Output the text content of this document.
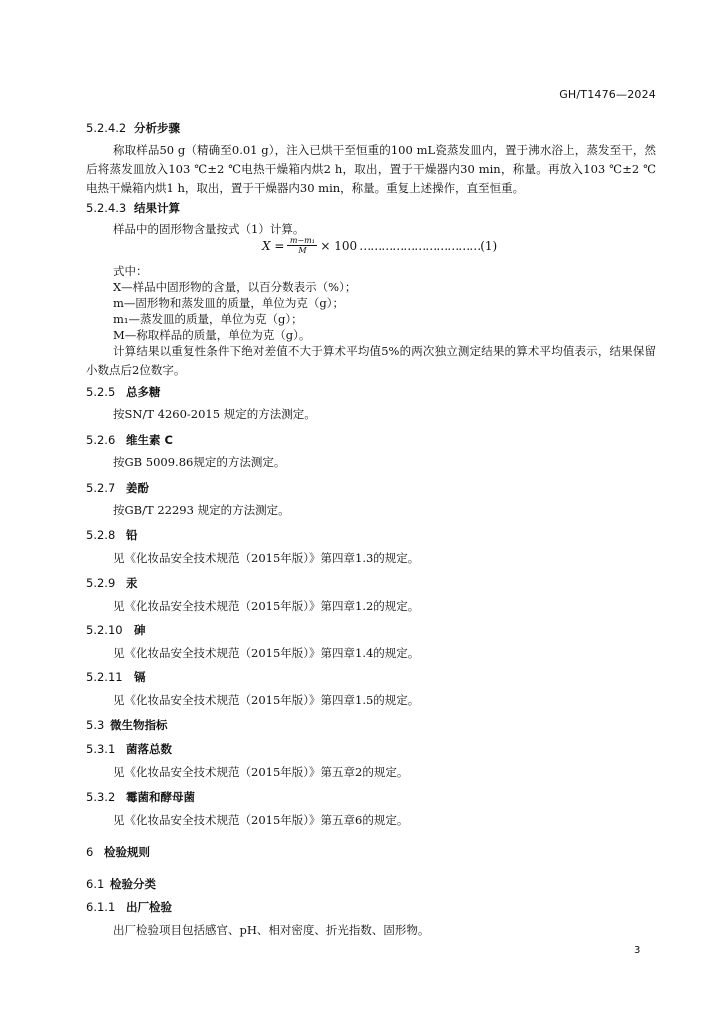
GH/T1476—2024
5.2.4.2 分析步骤
称取样品50 g（精确至0.01 g），注入已烘干至恒重的100 mL瓷蒸发皿内，置于沸水浴上，蒸发至干，然后将蒸发皿放入103 ℃±2 ℃电热干燥箱内烘2 h，取出，置于干燥器内30 min，称量。再放入103 ℃±2 ℃电热干燥箱内烘1 h，取出，置于干燥器内30 min，称量。重复上述操作，直至恒重。
5.2.4.3 结果计算
样品中的固形物含量按式（1）计算。
$X = \frac{\text{m−m₁}}{M} \times 100$ …………………………… (1)
式中：
X—样品中固形物的含量，以百分数表示（%）；
m—固形物和蒸发皿的质量，单位为克（g）；
m₁—蒸发皿的质量，单位为克（g）；
M—称取样品的质量，单位为克（g）。
计算结果以重复性条件下绝对差值不大于算术平均值5%的两次独立测定结果的算术平均值表示，结果保留小数点后2位数字。
5.2.5 总多糖
按SN/T 4260-2015 规定的方法测定。
5.2.6 维生素 C
按GB 5009.86规定的方法测定。
5.2.7 姜酚
按GB/T 22293 规定的方法测定。
5.2.8 铅
见《化妆品安全技术规范（2015年版）》第四章1.3的规定。
5.2.9 汞
见《化妆品安全技术规范（2015年版）》第四章1.2的规定。
5.2.10 砷
见《化妆品安全技术规范（2015年版）》第四章1.4的规定。
5.2.11 镉
见《化妆品安全技术规范（2015年版）》第四章1.5的规定。
5.3 微生物指标
5.3.1 菌落总数
见《化妆品安全技术规范（2015年版）》第五章2的规定。
5.3.2 霉菌和酵母菌
见《化妆品安全技术规范（2015年版）》第五章6的规定。
6 检验规则
6.1 检验分类
6.1.1 出厂检验
出厂检验项目包括感官、pH、相对密度、折光指数、固形物。
3
